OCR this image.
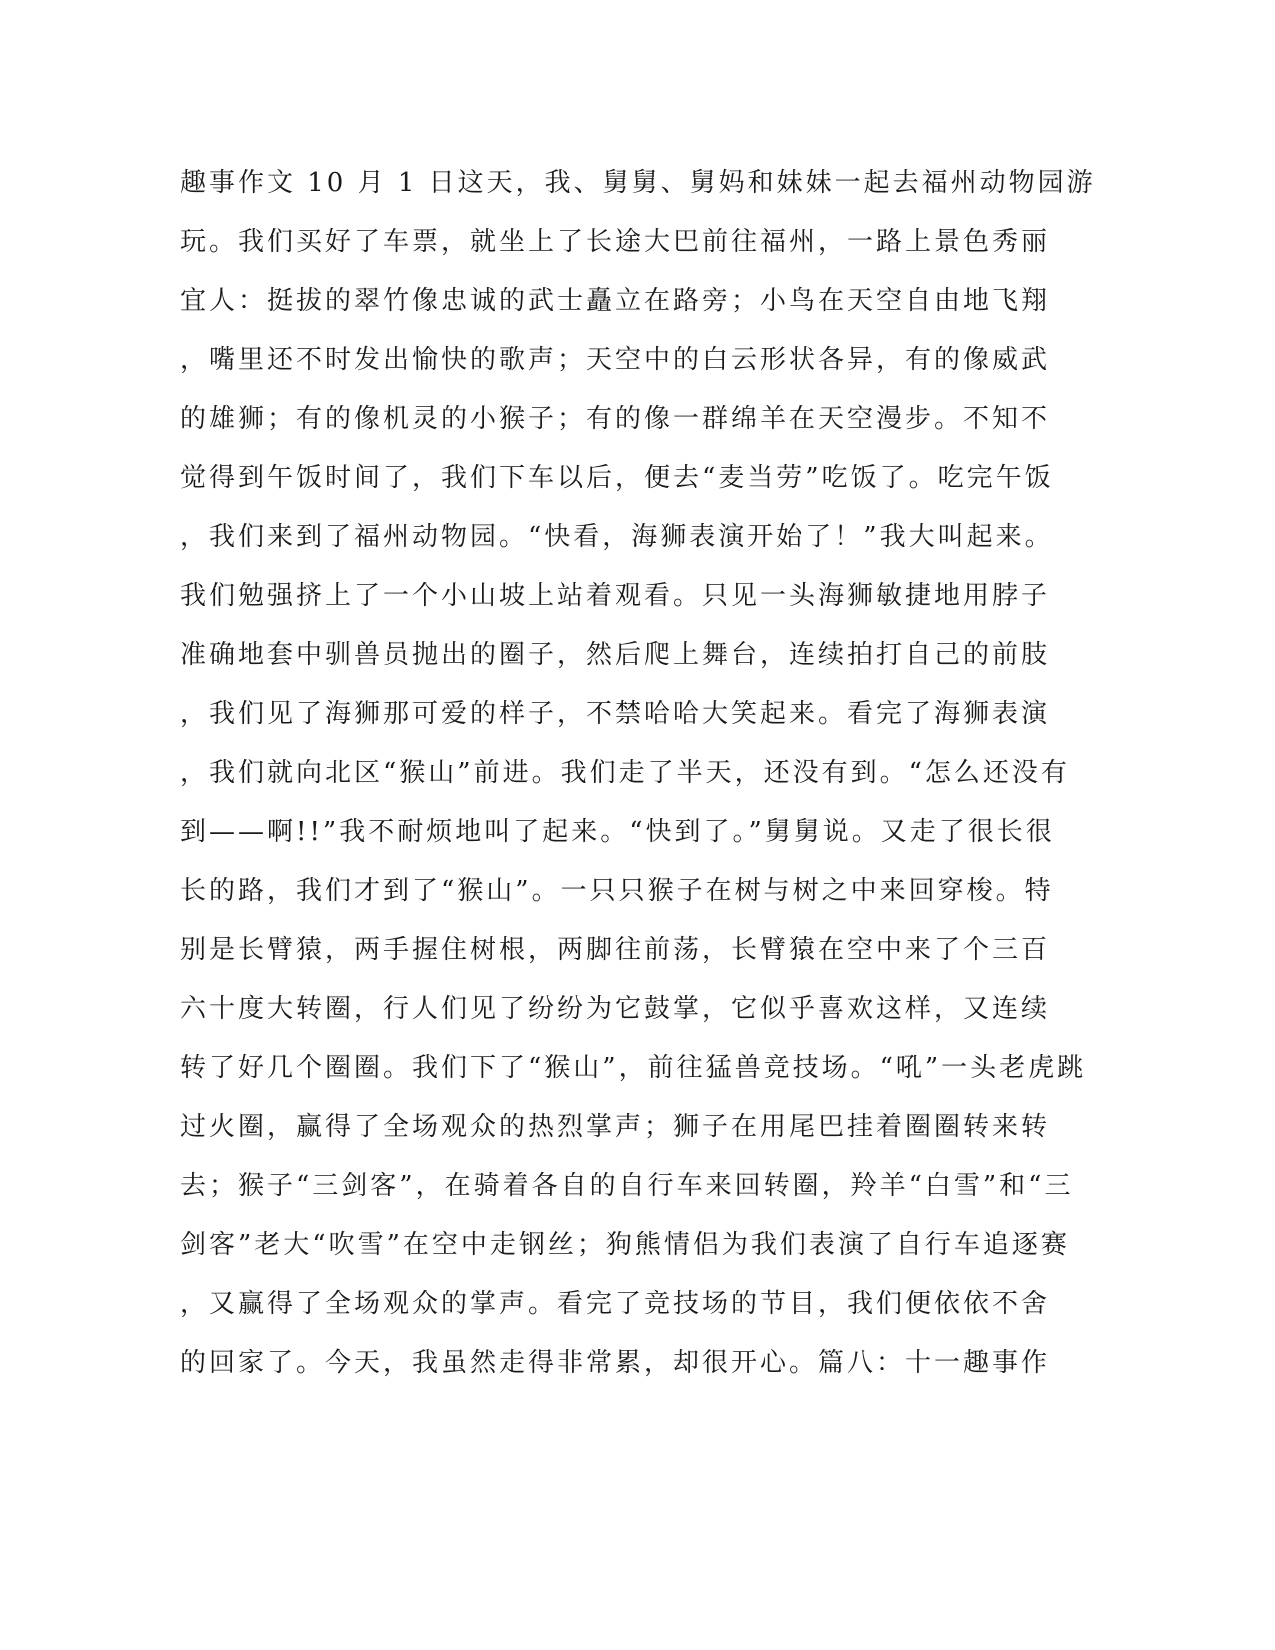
趣事作文 10 月 1 日这天，我、舅舅、舅妈和妹妹一起去福州动物园游
玩。我们买好了车票，就坐上了长途大巴前往福州，一路上景色秀丽
宜人：挺拔的翠竹像忠诚的武士矗立在路旁；小鸟在天空自由地飞翔
，嘴里还不时发出愉快的歌声；天空中的白云形状各异，有的像威武
的雄狮；有的像机灵的小猴子；有的像一群绵羊在天空漫步。不知不
觉得到午饭时间了，我们下车以后，便去“麦当劳”吃饭了。吃完午饭
，我们来到了福州动物园。“快看，海狮表演开始了！”我大叫起来。
我们勉强挤上了一个小山坡上站着观看。只见一头海狮敏捷地用脖子
准确地套中驯兽员抛出的圈子，然后爬上舞台，连续拍打自己的前肢
，我们见了海狮那可爱的样子，不禁哈哈大笑起来。看完了海狮表演
，我们就向北区“猴山”前进。我们走了半天，还没有到。“怎么还没有
到——啊!!”我不耐烦地叫了起来。“快到了。”舅舅说。又走了很长很
长的路，我们才到了“猴山”。一只只猴子在树与树之中来回穿梭。特
别是长臂猿，两手握住树根，两脚往前荡，长臂猿在空中来了个三百
六十度大转圈，行人们见了纷纷为它鼓掌，它似乎喜欢这样，又连续
转了好几个圈圈。我们下了“猴山”，前往猛兽竞技场。“吼”一头老虎跳
过火圈，赢得了全场观众的热烈掌声；狮子在用尾巴挂着圈圈转来转
去；猴子“三剑客”，在骑着各自的自行车来回转圈，羚羊“白雪”和“三
剑客”老大“吹雪”在空中走钢丝；狗熊情侣为我们表演了自行车追逐赛
，又赢得了全场观众的掌声。看完了竞技场的节目，我们便依依不舍
的回家了。今天，我虽然走得非常累，却很开心。篇八：十一趣事作
